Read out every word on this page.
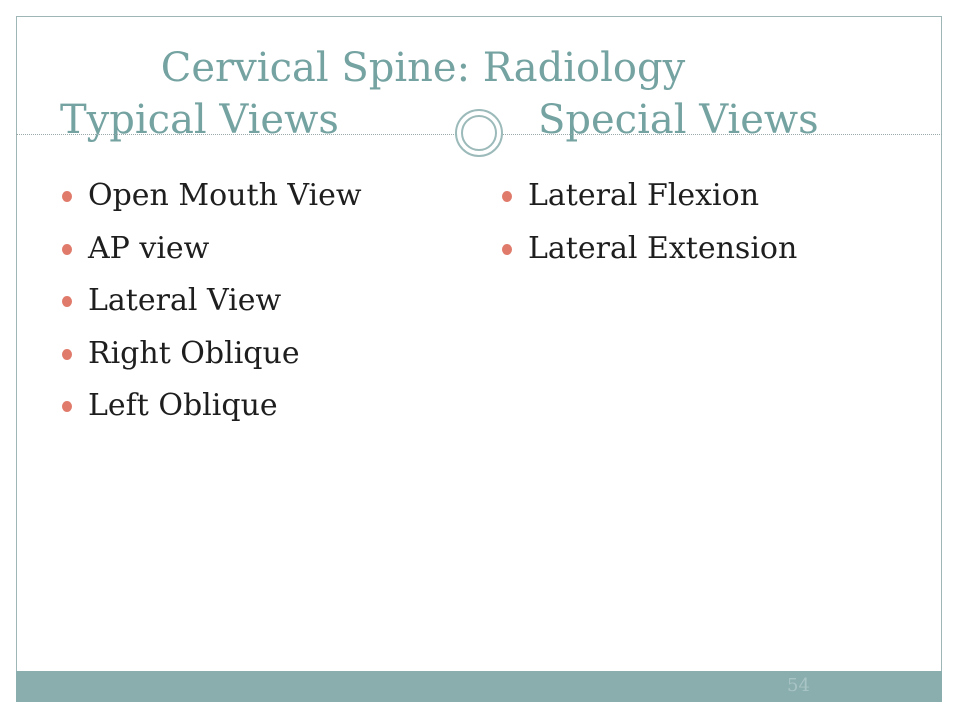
Cervical Spine: Radiology
Typical Views	Special Views
Open Mouth View
AP view
Lateral View
Right Oblique
Left Oblique
Lateral Flexion
Lateral Extension
54
